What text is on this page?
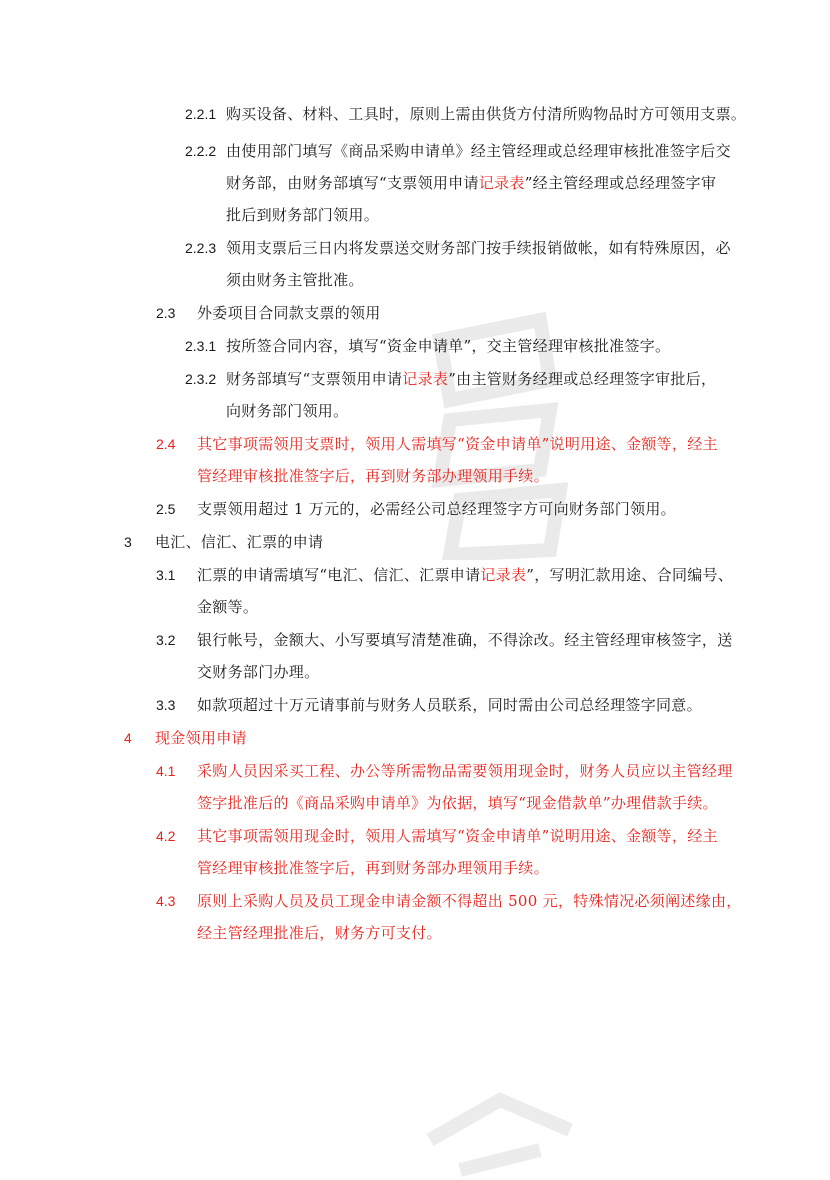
2.2.1 购买设备、材料、工具时，原则上需由供货方付清所购物品时方可领用支票。
2.2.2 由使用部门填写《商品采购申请单》经主管经理或总经理审核批准签字后交
财务部，由财务部填写“支票领用申请记录表”经主管经理或总经理签字审
批后到财务部门领用。
2.2.3 领用支票后三日内将发票送交财务部门按手续报销做帐，如有特殊原因，必
须由财务主管批准。
2.3 外委项目合同款支票的领用
2.3.1 按所签合同内容，填写“资金申请单”，交主管经理审核批准签字。
2.3.2 财务部填写“支票领用申请记录表”由主管财务经理或总经理签字审批后，
向财务部门领用。
2.4 其它事项需领用支票时，领用人需填写“资金申请单”说明用途、金额等，经主
管经理审核批准签字后，再到财务部办理领用手续。
2.5 支票领用超过 1 万元的，必需经公司总经理签字方可向财务部门领用。
3 电汇、信汇、汇票的申请
3.1 汇票的申请需填写“电汇、信汇、汇票申请记录表”，写明汇款用途、合同编号、
金额等。
3.2 银行帐号，金额大、小写要填写清楚准确，不得涂改。经主管经理审核签字，送
交财务部门办理。
3.3 如款项超过十万元请事前与财务人员联系，同时需由公司总经理签字同意。
4 现金领用申请
4.1 采购人员因采买工程、办公等所需物品需要领用现金时，财务人员应以主管经理
签字批准后的《商品采购申请单》为依据，填写“现金借款单”办理借款手续。
4.2 其它事项需领用现金时，领用人需填写“资金申请单”说明用途、金额等，经主
管经理审核批准签字后，再到财务部办理领用手续。
4.3 原则上采购人员及员工现金申请金额不得超出 500 元，特殊情况必须阐述缘由，
经主管经理批准后，财务方可支付。
